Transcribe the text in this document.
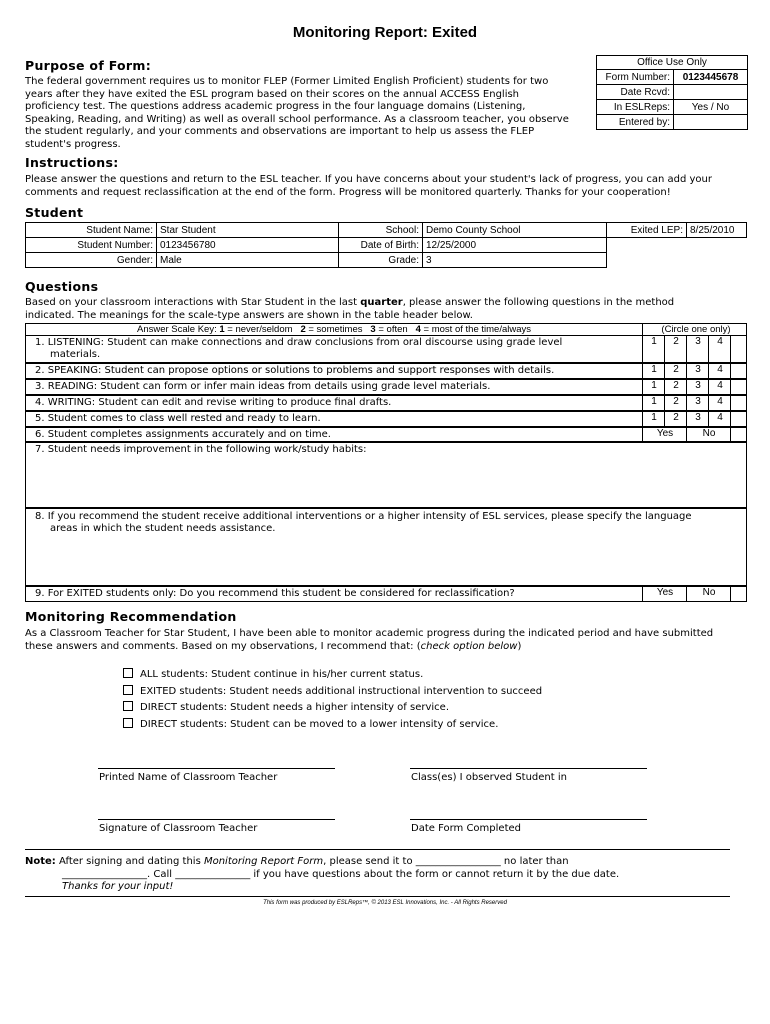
Monitoring Report: Exited
Purpose of Form:
The federal government requires us to monitor FLEP (Former Limited English Proficient) students for two
years after they have exited the ESL program based on their scores on the annual ACCESS English
proficiency test. The questions address academic progress in the four language domains (Listening,
Speaking, Reading, and Writing) as well as overall school performance. As a classroom teacher, you observe
the student regularly, and your comments and observations are important to help us assess the FLEP
student's progress.
Office Use Only	
Form Number:	0123445678
Date Rcvd:	
In ESLReps:	Yes / No
Entered by:	
Instructions:
Please answer the questions and return to the ESL teacher. If you have concerns about your student's lack of progress, you can add your
comments and request reclassification at the end of the form. Progress will be monitored quarterly. Thanks for your cooperation!
Student
Student Name:	Star Student	School:	Demo County School	Exited LEP:	8/25/2010
Student Number:	0123456780	Date of Birth:	12/25/2000		
Gender:	Male	Grade:	3		
Questions
Based on your classroom interactions with Star Student in the last quarter, please answer the following questions in the method
indicated. The meanings for the scale-type answers are shown in the table header below.
Answer Scale Key: 1 = never/seldom 2 = sometimes 3 = often 4 = most of the time/always	(Circle one only)
1. LISTENING: Student can make connections and draw conclusions from oral discourse using grade level
materials.
1	2	3	4
2. SPEAKING: Student can propose options or solutions to problems and support responses with details.	1	2	3	4
3. READING: Student can form or infer main ideas from details using grade level materials.	1	2	3	4
4. WRITING: Student can edit and revise writing to produce final drafts.	1	2	3	4
5. Student comes to class well rested and ready to learn.	1	2	3	4
6. Student completes assignments accurately and on time.	Yes	No
7. Student needs improvement in the following work/study habits:
8. If you recommend the student receive additional interventions or a higher intensity of ESL services, please specify the language
areas in which the student needs assistance.
9. For EXITED students only: Do you recommend this student be considered for reclassification?	Yes	No
Monitoring Recommendation
As a Classroom Teacher for Star Student, I have been able to monitor academic progress during the indicated period and have submitted
these answers and comments. Based on my observations, I recommend that: (check option below)
ALL students: Student continue in his/her current status.
EXITED students: Student needs additional instructional intervention to succeed
DIRECT students: Student needs a higher intensity of service.
DIRECT students: Student can be moved to a lower intensity of service.
Printed Name of Classroom Teacher	Class(es) I observed Student in
Signature of Classroom Teacher	Date Form Completed
Note: After signing and dating this Monitoring Report Form, please send it to _________________ no later than
_________________. Call _______________ if you have questions about the form or cannot return it by the due date.
Thanks for your input!
This form was produced by ESLReps™, © 2013 ESL Innovations, Inc. - All Rights Reserved
